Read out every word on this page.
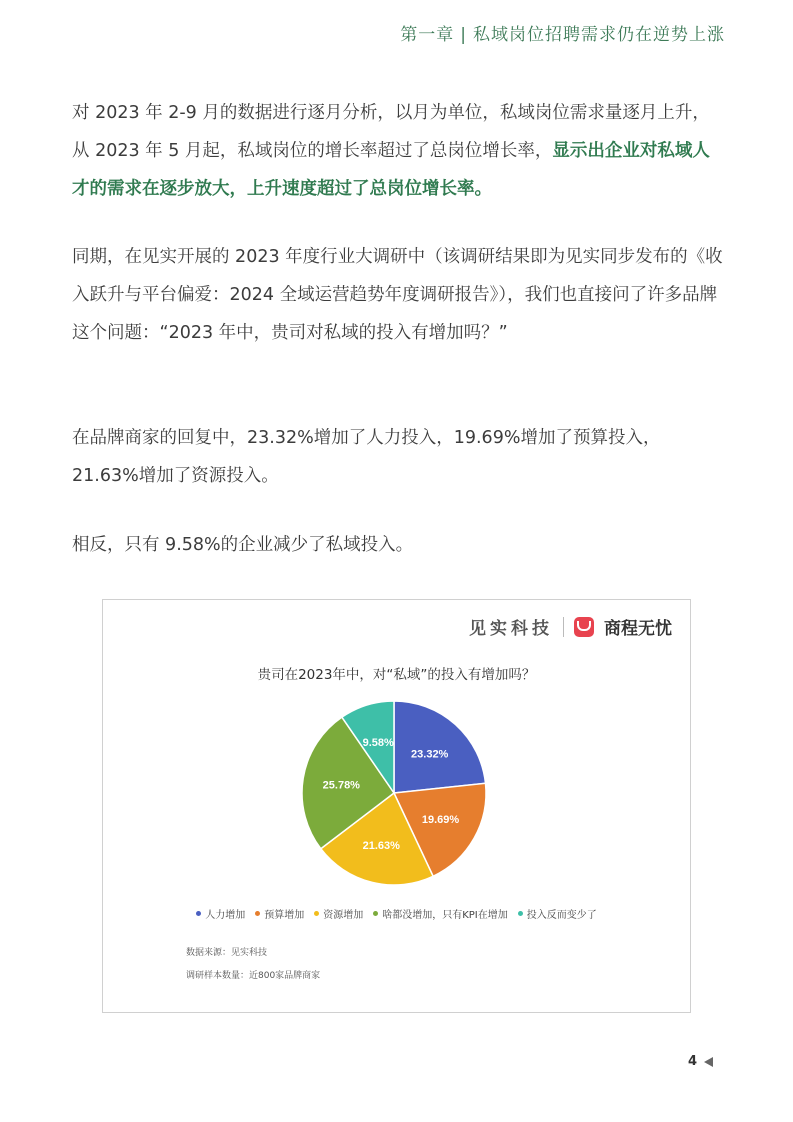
第一章 | 私域岗位招聘需求仍在逆势上涨

对 2023 年 2-9 月的数据进行逐月分析，以月为单位，私域岗位需求量逐月上升，从 2023 年 5 月起，私域岗位的增长率超过了总岗位增长率，显示出企业对私域人才的需求在逐步放大，上升速度超过了总岗位增长率。

同期，在见实开展的 2023 年度行业大调研中（该调研结果即为见实同步发布的《收入跃升与平台偏爱：2024 全域运营趋势年度调研报告》），我们也直接问了许多品牌这个问题：“2023 年中，贵司对私域的投入有增加吗？”

在品牌商家的回复中，23.32%增加了人力投入，19.69%增加了预算投入，21.63%增加了资源投入。

相反，只有 9.58%的企业减少了私域投入。

见实科技	商程无忧
贵司在2023年中，对“私域”的投入有增加吗？
23.32%
19.69%
21.63%
25.78%
9.58%
人力增加 预算增加 资源增加 啥都没增加，只有KPI在增加 投入反而变少了
数据来源：见实科技
调研样本数量：近800家品牌商家
4
